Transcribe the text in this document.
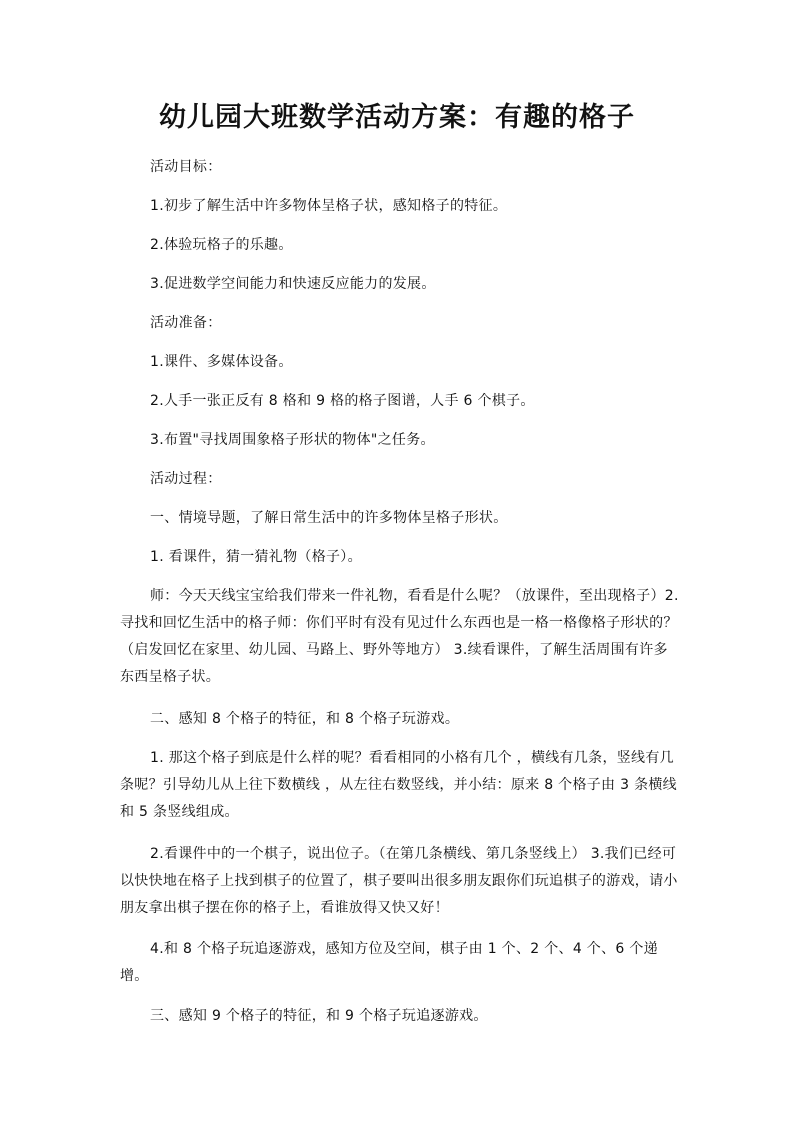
幼儿园大班数学活动方案：有趣的格子

活动目标：

1.初步了解生活中许多物体呈格子状，感知格子的特征。

2.体验玩格子的乐趣。

3.促进数学空间能力和快速反应能力的发展。

活动准备：

1.课件、多媒体设备。

2.人手一张正反有 8 格和 9 格的格子图谱，人手 6 个棋子。

3.布置"寻找周围象格子形状的物体"之任务。

活动过程：

一、情境导题，了解日常生活中的许多物体呈格子形状。

1. 看课件，猜一猜礼物（格子）。

师：今天天线宝宝给我们带来一件礼物，看看是什么呢？（放课件，至出现格子）2. 寻找和回忆生活中的格子师：你们平时有没有见过什么东西也是一格一格像格子形状的？（启发回忆在家里、幼儿园、马路上、野外等地方） 3.续看课件，了解生活周围有许多东西呈格子状。

二、感知 8 个格子的特征，和 8 个格子玩游戏。

1. 那这个格子到底是什么样的呢？看看相同的小格有几个 ，横线有几条，竖线有几条呢？引导幼儿从上往下数横线 ，从左往右数竖线，并小结：原来 8 个格子由 3 条横线和 5 条竖线组成。

2.看课件中的一个棋子，说出位子。（在第几条横线、第几条竖线上） 3.我们已经可以快快地在格子上找到棋子的位置了，棋子要叫出很多朋友跟你们玩追棋子的游戏，请小朋友拿出棋子摆在你的格子上，看谁放得又快又好！

4.和 8 个格子玩追逐游戏，感知方位及空间，棋子由 1 个、2 个、4 个、6 个递增。

三、感知 9 个格子的特征，和 9 个格子玩追逐游戏。
